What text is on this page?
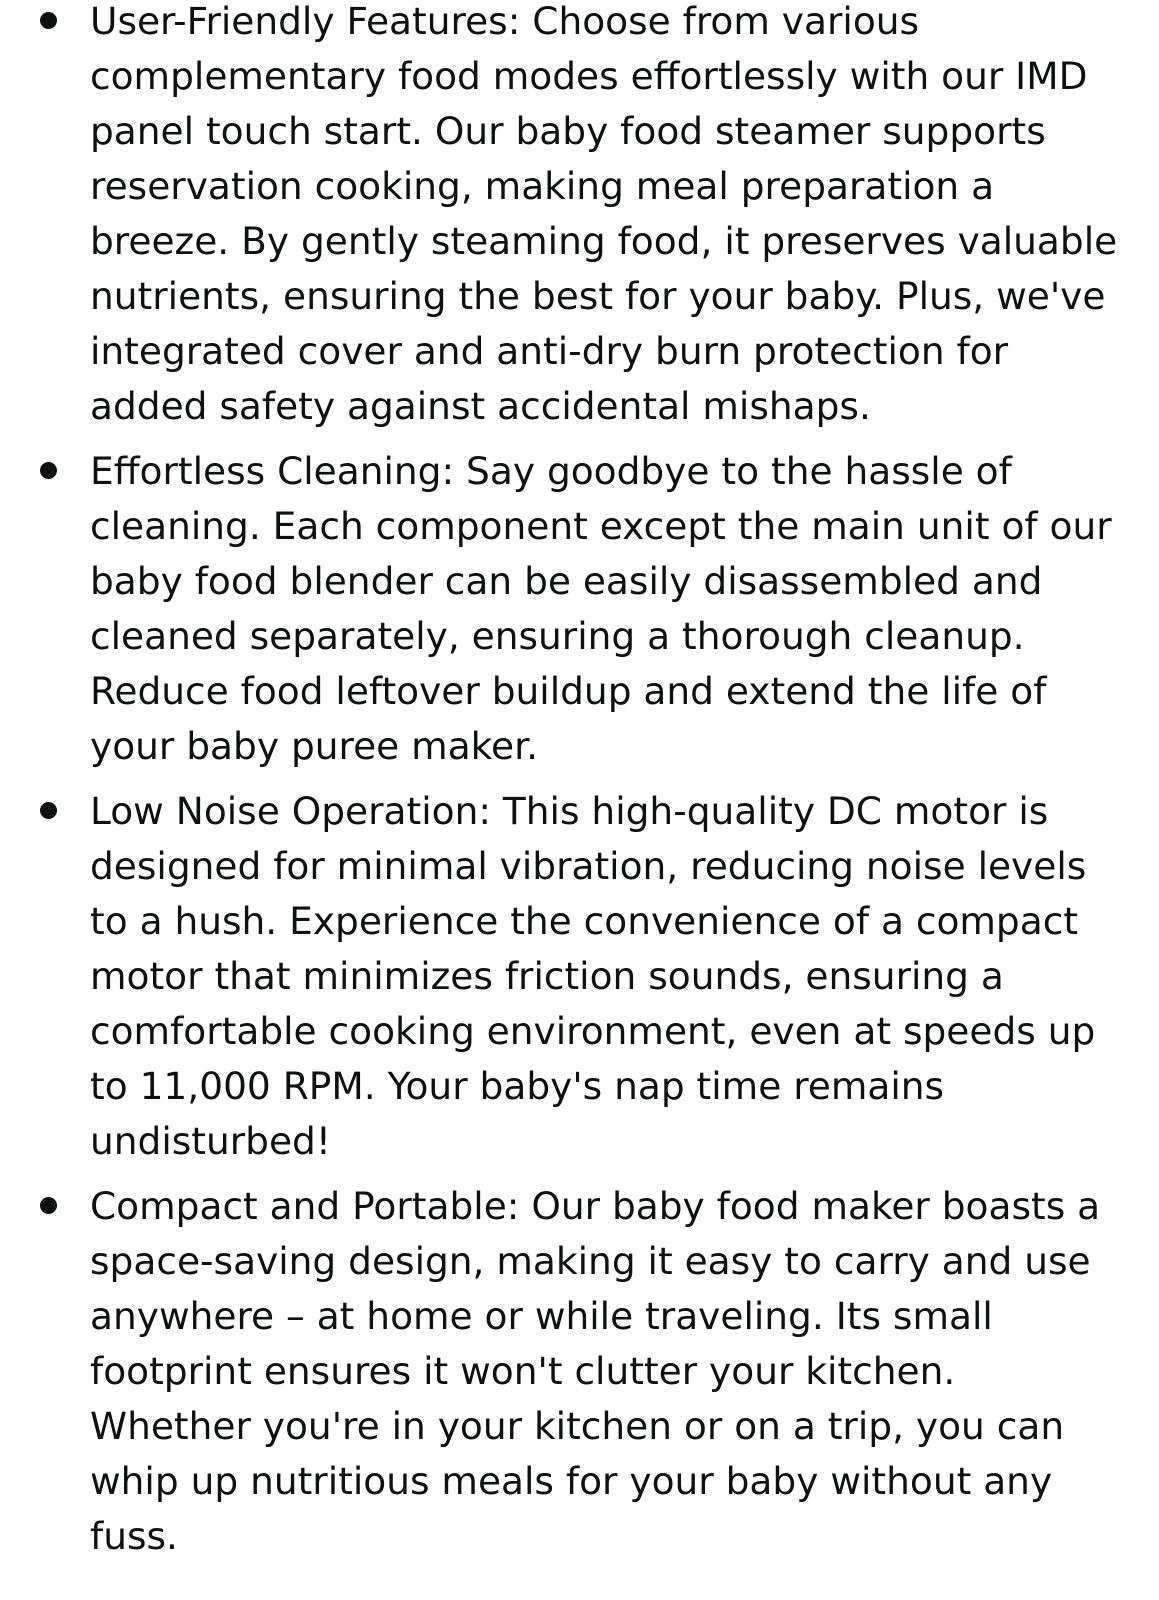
User-Friendly Features: Choose from various complementary food modes effortlessly with our IMD panel touch start. Our baby food steamer supports reservation cooking, making meal preparation a breeze. By gently steaming food, it preserves valuable nutrients, ensuring the best for your baby. Plus, we've integrated cover and anti-dry burn protection for added safety against accidental mishaps.
Effortless Cleaning: Say goodbye to the hassle of cleaning. Each component except the main unit of our baby food blender can be easily disassembled and cleaned separately, ensuring a thorough cleanup. Reduce food leftover buildup and extend the life of your baby puree maker.
Low Noise Operation: This high-quality DC motor is designed for minimal vibration, reducing noise levels to a hush. Experience the convenience of a compact motor that minimizes friction sounds, ensuring a comfortable cooking environment, even at speeds up to 11,000 RPM. Your baby's nap time remains undisturbed!
Compact and Portable: Our baby food maker boasts a space-saving design, making it easy to carry and use anywhere – at home or while traveling. Its small footprint ensures it won't clutter your kitchen. Whether you're in your kitchen or on a trip, you can whip up nutritious meals for your baby without any fuss.
